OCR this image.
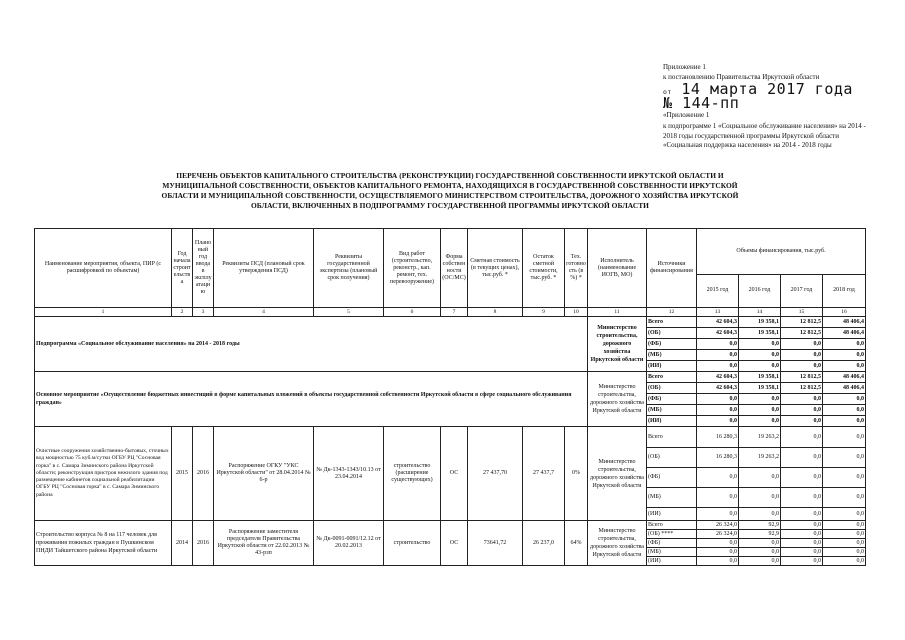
Приложение 1
к постановлению Правительства Иркутской области
от 14 марта 2017 года
№ 144-пп
«Приложение 1
к подпрограмме 1 «Социальное обслуживание населения» на 2014 - 2018 годы государственной программы Иркутской области «Социальная поддержка населения» на 2014 - 2018 годы
ПЕРЕЧЕНЬ ОБЪЕКТОВ КАПИТАЛЬНОГО СТРОИТЕЛЬСТВА (РЕКОНСТРУКЦИИ) ГОСУДАРСТВЕННОЙ СОБСТВЕННОСТИ ИРКУТСКОЙ ОБЛАСТИ И МУНИЦИПАЛЬНОЙ СОБСТВЕННОСТИ, ОБЪЕКТОВ КАПИТАЛЬНОГО РЕМОНТА, НАХОДЯЩИХСЯ В ГОСУДАРСТВЕННОЙ СОБСТВЕННОСТИ ИРКУТСКОЙ ОБЛАСТИ И МУНИЦИПАЛЬНОЙ СОБСТВЕННОСТИ, ОСУЩЕСТВЛЯЕМОГО МИНИСТЕРСТВОМ СТРОИТЕЛЬСТВА, ДОРОЖНОГО ХОЗЯЙСТВА ИРКУТСКОЙ ОБЛАСТИ, ВКЛЮЧЕННЫХ В ПОДПРОГРАММУ ГОСУДАРСТВЕННОЙ ПРОГРАММЫ ИРКУТСКОЙ ОБЛАСТИ
Наименование мероприятия, объекта, ПИР (с расшифровкой по объектам)	Год начала строительства	Плановый год ввода в эксплуатацию	Реквизиты ПСД (плановый срок утверждения ПСД)	Реквизиты государственной экспертизы (плановый срок получения)	Вид работ (строительство, реконстр., кап. ремонт, тех. перевооружение)	Форма собственности (ОС/МС)	Сметная стоимость (в текущих ценах), тыс.руб. *	Остаток сметной стоимости, тыс.руб. *	Тех. готовность (в %) *	Исполнитель (наименование ИОГВ, МО)	Источники финансирования	Объемы финансирования, тыс.руб.			
												2015 год	2016 год	2017 год	2018 год
1	2	3	4	5	6	7	8	9	10	11	12	13	14	15	16
Подпрограмма «Социальное обслуживание населения» на 2014 - 2018 годы										Министерство строительства, дорожного хозяйства Иркутской области	Всего	42 604,3	19 358,1	12 812,5	48 406,4
											(ОБ)	42 604,3	19 358,1	12 812,5	48 406,4
											(ФБ)	0,0	0,0	0,0	0,0
											(МБ)	0,0	0,0	0,0	0,0
											(ИИ)	0,0	0,0	0,0	0,0
Основное мероприятие «Осуществление бюджетных инвестиций в форме капитальных вложений в объекты государственной собственности Иркутской области в сфере социального обслуживания граждан»										Министерство строительства, дорожного хозяйства Иркутской области	Всего	42 604,3	19 358,1	12 812,5	48 406,4
											(ОБ)	42 604,3	19 358,1	12 812,5	48 406,4
											(ФБ)	0,0	0,0	0,0	0,0
											(МБ)	0,0	0,0	0,0	0,0
											(ИИ)	0,0	0,0	0,0	0,0
Очистные сооружения хозяйственно-бытовых, сточных вод мощностью 75 куб.м/сутки ОГБУ РЦ "Сосновая горка" в с. Самара Зиминского района Иркутской области; реконструкция пристроя нежилого здания под размещение кабинетов социальной реабилитации ОГБУ РЦ "Сосновая горка" в с. Самара Зиминского района	2015	2016	Распоряжение ОГКУ "УКС Иркутской области" от 28.04.2014 № 6-р	№ Дк-1343-1343/10.13 от 23.04.2014	строительство (расширение существующих)	ОС	27 437,70	27 437,7	0%	Министерство строительства, дорожного хозяйства Иркутской области	Всего	16 280,3	19 263,2	0,0	0,0
											(ОБ)	16 280,3	19 263,2	0,0	0,0
											(ФБ)	0,0	0,0	0,0	0,0
											(МБ)	0,0	0,0	0,0	0,0
											(ИИ)	0,0	0,0	0,0	0,0
Строительство корпуса № 8 на 117 человек для проживания пожилых граждан в Пушкинском ПНДИ Тайшетского района Иркутской области	2014	2016	Распоряжение заместителя председателя Правительства Иркутской области от 22.02.2013 № 43-рзп	№ Дк-0091-0091/12.12 от 20.02.2013	строительство	ОС	73641,72	26 237,0	64%	Министерство строительства, дорожного хозяйства Иркутской области	Всего	26 324,0	92,9	0,0	0,0
											(ОБ) ****	26 324,0	92,9	0,0	0,0
											(ФБ)	0,0	0,0	0,0	0,0
											(МБ)	0,0	0,0	0,0	0,0
											(ИИ)	0,0	0,0	0,0	0,0
